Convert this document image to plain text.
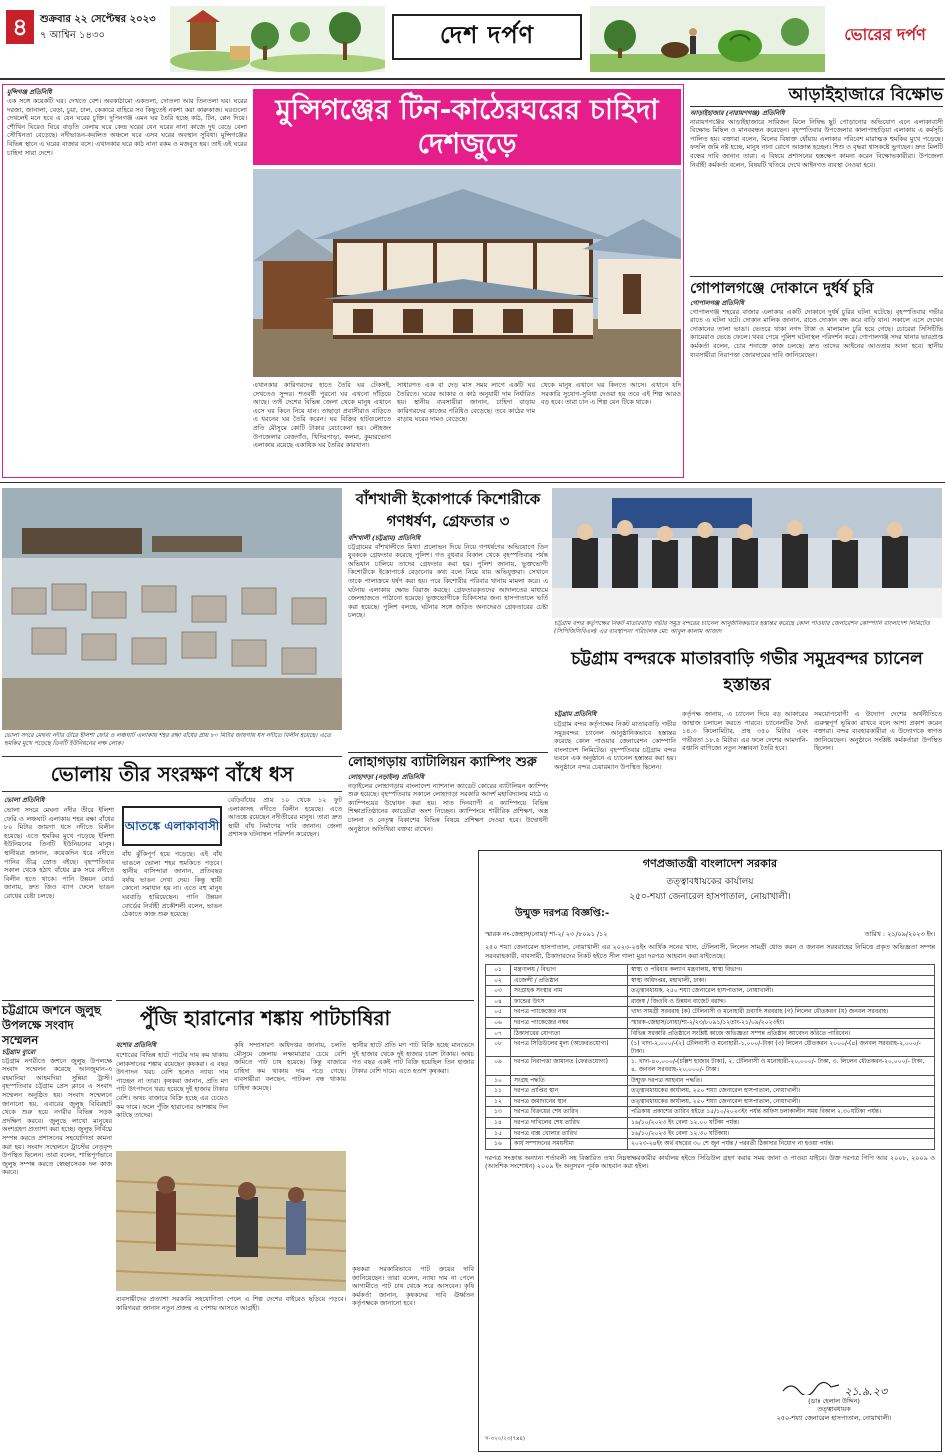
৪	শুক্রবার ২২ সেপ্টেম্বর ২০২৩
৭ আশ্বিন ১৪৩০	দেশ দর্পণ
	ভোরের দর্পণ
মুন্সিগঞ্জ প্রতিনিধি
এক সঙ্গে কয়েকটি ঘর। দেখতে বেশ। অবকাঠামো একতলা, দোতলা আর তিনতলা ঘর। ঘরের দরজা, জানালা, বেড়া, চুয়া, চাল, কেকারে বাহিরে সব কিছুতেই নকশা করা কারুকাজ। ঘরগুলো দেখলেই মনে হবে এ যেন ঘরের চুক্তি। দুপিনগঞ্জ এমন ঘর তৈরি হচ্ছে কাঠ, টিন, প্লেন দিয়ে। শৌখিন ঘিরেও ঘিরে বাড়তি বেলায় ঘরে কেন্দ্র ঘরের যেন ঘরের নানা কাজে দুধ বেড়ে বেলা সৌখিনতা বেড়েছে। নদীভাঙন-কবলিত অঞ্চলে ঘরে এসব ঘরের অবস্থান সুবিধা। মুন্সিগঞ্জের বিভিন্ন স্থানে এ ঘরের বাজার বসে। এখানকার ঘরে কাঠ নানা রকম ও মজবুত হয়। তাই এই ঘরের চাহিদা সারা দেশে।
মুন্সিগঞ্জের টিন-কাঠেরঘরের চাহিদা দেশজুড়ে
এখানকার কারিগরদের হাতে তৈরি ঘর টেকসই, দেখতেও সুন্দর। শতবর্ষী পুরনো ঘর এখনো দাঁড়িয়ে আছে। তাই দেশের বিভিন্ন জেলা থেকে মানুষ এখানে এসে ঘর কিনে নিয়ে যান। তাছাড়া প্রবাসীরাও বাড়িতে এ ধরনের ঘর তৈরি করেন। ঘর বিক্রির হাটগুলোতে প্রতি মৌসুমে কোটি টাকার বেচাকেনা হয়। লৌহজং উপজেলার বেজগাঁও, খিদিরপাড়া, কলমা, কুমারভোগ এলাকায় রয়েছে একাধিক ঘর তৈরির কারখানা।
সাধারণত এক বা দেড় মাস সময় লাগে একটি ঘর তৈরিতে। ঘরের আকার ও কাঠ অনুযায়ী দাম নির্ধারিত হয়। স্থানীয় ব্যবসায়ীরা জানান, চাহিদা বাড়ায় কারিগরদের কাজের পরিধিও বেড়েছে। তবে কাঠের দাম বাড়ায় ঘরের দামও বেড়েছে।
থেকে মানুষ এখানে ঘর কিনতে আসে। এখানে যদি সরকারি সুযোগ-সুবিধা দেওয়া হয় তবে এই শিল্প আরও বড় হবে। তারা চান এ শিল্প যেন টিকে থাকে।
আড়াইহাজারে বিক্ষোভ
আড়াইহাজার (নারায়ণগঞ্জ) প্রতিনিধি
নারায়ণগঞ্জের আড়াইহাজারে সারিজন মিলে নিষিদ্ধ ছুট পোড়ানোর অভিযোগ এনে এলাকাবাসী বিক্ষোভ মিছিল ও মানববন্ধন করেছেন। বৃহস্পতিবার উপজেলার কালাপাহাড়িয়া এলাকায় এ কর্মসূচি পালিত হয়। বক্তারা বলেন, মিলের বিষাক্ত ধোঁয়ায় এলাকার পরিবেশ মারাত্মক হুমকির মুখে পড়েছে। ফসলি জমি নষ্ট হচ্ছে, মানুষ নানা রোগে আক্রান্ত হচ্ছেন। শিশু ও বৃদ্ধরা শ্বাসকষ্টে ভুগছেন। দ্রুত মিলটি বন্ধের দাবি জানান তারা। এ বিষয়ে প্রশাসনের হস্তক্ষেপ কামনা করেন বিক্ষোভকারীরা। উপজেলা নির্বাহী কর্মকর্তা বলেন, বিষয়টি খতিয়ে দেখে আইনগত ব্যবস্থা নেওয়া হবে।
গোপালগঞ্জে দোকানে দুর্ধর্ষ চুরি
গোপালগঞ্জ প্রতিনিধি
গোপালগঞ্জ শহরের বাজার এলাকার একটি দোকানে দুর্ধর্ষ চুরির ঘটনা ঘটেছে। বৃহস্পতিবার গভীর রাতে এ ঘটনা ঘটে। দোকান মালিক জানান, রাতে দোকান বন্ধ করে বাড়ি যান। সকালে এসে দেখেন দোকানের তালা ভাঙা। ভেতরে থাকা নগদ টাকা ও মালামাল চুরি হয়ে গেছে। চোরেরা সিসিটিভি ক্যামেরাও ভেঙে ফেলে। খবর পেয়ে পুলিশ ঘটনাস্থল পরিদর্শন করে। গোপালগঞ্জ সদর থানার ভারপ্রাপ্ত কর্মকর্তা বলেন, চোর শনাক্তে কাজ চলছে। দ্রুত তাদের আইনের আওতায় আনা হবে। স্থানীয় ব্যবসায়ীরা নিরাপত্তা জোরদারের দাবি জানিয়েছেন।
ভোলা সদরে মেঘনা নদীর তীরে ইলিশা ফেরি ও লঞ্চঘাট এলাকায় শহর রক্ষা বাঁধের প্রায় ৮০ মিটার জায়গায় ধস নদীতে বিলীন হয়েছে। এতে হুমকির মুখে পড়েছে তিনটি ইউনিয়নের লক্ষ লোক।
বাঁশখালী ইকোপার্কে কিশোরীকে গণধর্ষণ, গ্রেফতার ৩
বাঁশখালী (চট্টগ্রাম) প্রতিনিধি
চট্টগ্রামের বাঁশখালীতে মিথ্যা প্রলোভন দিয়ে নিয়ে গণধর্ষণের অভিযোগে তিন যুবককে গ্রেফতার করেছে পুলিশ। গত বুধবার বিকাল থেকে বৃহস্পতিবার পর্যন্ত অভিযান চালিয়ে তাদের গ্রেফতার করা হয়। পুলিশ জানায়, ভুক্তভোগী কিশোরীকে ইকোপার্কে বেড়ানোর কথা বলে নিয়ে যায় অভিযুক্তরা। সেখানে তাকে পালাক্রমে ধর্ষণ করা হয়। পরে কিশোরীর পরিবার থানায় মামলা করে। এ ঘটনায় এলাকায় ক্ষোভ বিরাজ করছে। গ্রেফতারকৃতদের আদালতের মাধ্যমে জেলহাজতে পাঠানো হয়েছে। ভুক্তভোগীকে চিকিৎসার জন্য হাসপাতালে ভর্তি করা হয়েছে। পুলিশ বলছে, ঘটনার সঙ্গে জড়িত অন্যদেরও গ্রেফতারের চেষ্টা চলছে।
চট্টগ্রাম বন্দর কর্তৃপক্ষের নিকট মাতারবাড়ি গভীর সমুদ্র বন্দরের চ্যানেল আনুষ্ঠানিকভাবে হস্তান্তর করেছে কোল পাওয়ার জেনারেশন কোম্পানি বাংলাদেশ লিমিটেড (সিপিজিসিবিএল) এর ব্যবস্থাপনা পরিচালক মো: আবুল কালাম আজাদ
চট্টগ্রাম বন্দরকে মাতারবাড়ি গভীর সমুদ্রবন্দর চ্যানেল হস্তান্তর
ভোলায় তীর সংরক্ষণ বাঁধে ধস
ভোলা প্রতিনিধি
ভোলা সদরে মেঘনা নদীর তীরে ইলিশা ফেরি ও লঞ্চঘাট এলাকায় শহর রক্ষা বাঁধের ৮০ মিটার জায়গা ধসে নদীতে বিলীন হয়েছে। এতে হুমকির মুখে পড়েছে ইলিশা ইউনিয়নের তিনটি ইউনিয়নের মানুষ। স্থানীয়রা জানান, কয়েকদিন ধরে নদীতে পানির তীব্র স্রোত বইছে। বৃহস্পতিবার সকাল থেকে হঠাৎ বাঁধের ব্লক সরে নদীতে বিলীন হতে থাকে। পানি উন্নয়ন বোর্ড জানায়, দ্রুত জিও ব্যাগ ফেলে ভাঙন রোধের চেষ্টা চলছে।
আতঙ্কে এলাকাবাসী
বাঁধ ঝুঁকিপূর্ণ হয়ে পড়েছে। এই বাঁধ ভাঙলে ভোলা শহর হুমকিতে পড়বে। স্থানীয় বাসিন্দারা জানান, প্রতিবছর বর্ষায় ভাঙন দেখা দেয়। কিন্তু স্থায়ী কোনো সমাধান হয় না। এতে বহু মানুষ ঘরবাড়ি হারিয়েছেন। পানি উন্নয়ন বোর্ডের নির্বাহী প্রকৌশলী বলেন, ভাঙন ঠেকাতে কাজ শুরু হয়েছে।
বেড়িবাঁধের প্রায় ১০ থেকে ১২ ফুট এলাকাসহ নদীতে বিলীন হয়েছে। এতে আতঙ্কে রয়েছেন নদীতীরের মানুষ। তারা দ্রুত স্থায়ী বাঁধ নির্মাণের দাবি জানান। জেলা প্রশাসক ঘটনাস্থল পরিদর্শন করেছেন।
লোহাগড়ায় ব্যাটালিয়ন ক্যাম্পিং শুরু
লোহাগড়া (নড়াইল) প্রতিনিধি
নড়াইলের লোহাগড়ায় বাংলাদেশ ন্যাশনাল ক্যাডেট কোরের ব্যাটালিয়ন ক্যাম্পিং শুরু হয়েছে। বৃহস্পতিবার সকালে লোহাগড়া সরকারি আদর্শ মহাবিদ্যালয় মাঠে এ ক্যাম্পিংয়ের উদ্বোধন করা হয়। সাত দিনব্যাপী এ ক্যাম্পিংয়ে বিভিন্ন শিক্ষাপ্রতিষ্ঠানের ক্যাডেটরা অংশ নিচ্ছেন। ক্যাম্পিংয়ে শারীরিক প্রশিক্ষণ, অস্ত্র চালনা ও নেতৃত্ব বিকাশের বিভিন্ন বিষয়ে প্রশিক্ষণ দেওয়া হবে। উদ্বোধনী অনুষ্ঠানে অতিথিরা বক্তব্য রাখেন।
চট্টগ্রাম প্রতিনিধি
চট্টগ্রাম বন্দর কর্তৃপক্ষের নিকট মাতারবাড়ি গভীর সমুদ্রবন্দর চ্যানেল আনুষ্ঠানিকভাবে হস্তান্তর করেছে কোল পাওয়ার জেনারেশন কোম্পানি বাংলাদেশ লিমিটেড। বৃহস্পতিবার চট্টগ্রাম বন্দর ভবনে এক অনুষ্ঠানে এ চ্যানেল হস্তান্তর করা হয়। অনুষ্ঠানে বন্দর চেয়ারম্যান উপস্থিত ছিলেন।
কর্তৃপক্ষ জানায়, এ চ্যানেল দিয়ে বড় আকারের জাহাজ চলাচল করতে পারবে। চ্যানেলটির দৈর্ঘ্য ১৪.৩ কিলোমিটার, প্রস্থ ৩৫০ মিটার এবং গভীরতা ১৮.৫ মিটার। এর ফলে দেশের আমদানি-রপ্তানি বাণিজ্যে নতুন সম্ভাবনা তৈরি হবে।
সময়োপযোগী এ উদ্যোগ দেশের অর্থনীতিতে গুরুত্বপূর্ণ ভূমিকা রাখবে বলে আশা প্রকাশ করেন বক্তারা। বন্দর ব্যবহারকারীরা এ উদ্যোগকে স্বাগত জানিয়েছেন। অনুষ্ঠানে সংশ্লিষ্ট কর্মকর্তারা উপস্থিত ছিলেন।
গণপ্রজাতন্ত্রী বাংলাদেশ সরকার
তত্ত্বাবধায়কের কার্যালয়
২৫০-শয্যা জেনারেল হাসপাতাল, নোয়াখালী।
উন্মুক্ত দরপত্র বিজ্ঞপ্তি:-
স্মারক নং-জেহাস/নোয়া/ শা-২/ ২৩ /৮০৯১ /১২	তারিখ : ২১/০৯/২০২৩ ইং।
২৫০ শয্যা জেনারেল হাসপাতাল, নোয়াখালী এর ২০২৩-২৪ইং আর্থিক সনের খাদ্য, টেলিনাসী, লিলেন সামগ্রী ধোত করন ও জনবল সরবরাহের নিমিত্তে প্রকৃত অভিজ্ঞতা সম্পন্ন সরবরাহকারী, বাবসায়ী, ঠিকাদারদের নিকট হইতে সীল গালা মুদ্রা দরপত্র আহবান করা যাইতেছে।
০১	মন্ত্রণালয় / বিভাগ	স্বাস্থ্য ও পরিবার কল্যাণ মন্ত্রণালয়, স্বাস্থ্য বিভাগ।
০২	এজেন্সী / প্রতিষ্ঠান	স্বাস্থ্য অধিদপ্তর, মহাখালী, ঢাকা।
০৩	সংগ্রাহক সংস্থার নাম	তত্ত্বাবধায়ক, ২৫০ শয্যা জেনারেল হাসপাতাল, নোয়াখালী।
০৪	ফান্ডের উৎস	রাজস্ব / জিওবি ও উন্নয়ন বাজেট বরাদ্দ।
০৫	দরপত্র প্যাকেজের নাম	খাদ্য সামগ্রী সরবরাহ (ক) টেলিনাসী ও মনোহারী দ্রব্যাদি সরবরাহ (গ) লিলেন ধৌতকরণ (ঘ) জনবল সরবরাহ।
০৬	দরপত্র প্যাকেজের নম্বর	স্মারক-জেহাস/নোয়া/শা-২/২৩/৮০৯১/১২তাং-২১/০৯/২০২৩ইং।
০৭	ঠিকাদারের যোগ্যতা	বিভিন্ন সরকারি প্রতিষ্ঠানে সংশ্লিষ্ট কাজে অভিজ্ঞতা সম্পন্ন প্রতিষ্ঠান আবেদন করিতে পারিবেন।
০৮	দরপত্র সিডিউলের মূল্য (অফেরতযোগ্য)	(১) খাদ্য-২,০০০/-(২) টেলিনাসী ও মনোহারী-১,০০০/-টাকা (৩) লিলেন ধৌতকরন ২০০০/-(৪) জনবল সরবরাহ-২,০০০/- টাকা।
০৯	দরপত্র নিরাপত্তা জামানত (ফেরতযোগ্য)	১. খাদ্য-৪০,০০০/-(চল্লিশ হাজার টাকা), ২. টেলিনাসী ও মনোহারী-২০,০০০/- টাকা, ৩. লিলেন ধৌতকরন-২০,০০০/- টাকা, ৪. জনবল সরবরাহ-২০,০০০/- টাকা।
১০	সংগ্রহ পদ্ধতি	উন্মুক্ত দরপত্র আহবান পদ্ধতি।
১১	দরপত্র প্রাপ্তির স্থান	তত্ত্বাবধায়কের কার্যালয়, ২৫০ শয্যা জেনারেল হাসপাতাল, নোয়াখালী।
১২	দরপত্র জমাদানের স্থান	তত্ত্বাবধায়কের কার্যালয়, ২৫০ শয্যা জেনারেল হাসপাতাল, নোয়াখালী।
১৩	দরপত্র বিক্রয়ের শেষ তারিখ	পত্রিকায় প্রকাশের তারিখ হইতে ১৫/১০/২০২৩ইং পর্যন্ত অফিস চলাকালীন সময় বিকাল ২.৩০ঘটিকা পর্যন্ত।
১৪	দরপত্র দাখিলের শেষ তারিখ	১৬/১০/২০২৩ ইং বেলা ১২.০০ ঘটিকা পর্যন্ত।
১৫	দরপত্র বাক্স খোলার তারিখ	১৬/১০/২০২৩ ইং বেলা ১২.৩০ ঘটিকায়।
১৬	কার্য সম্পাদনের সময়সীমা	২০২৩-২৪ইং অর্থ বছরের ৩০ শে জুন পর্যন্ত / পরবর্তী ঠিকাদার নিয়োগ না হওয়া পর্যন্ত।
দরপত্র সংক্রান্ত অন্যান্য শর্তাবলী সহ বিস্তারিত তথ্য নিম্নস্বাক্ষরকারীর কার্যালয় হইতে সিডিউল গ্রহণ করার সময় জানা ও পাওয়া যাইবে। উক্ত দরপত্র পিপি আর ২০০৮, ২০০৯ ও (আংশিক সংশোধন) ২০০৯ ইং অনুসরন পূর্বক আহবান করা হইল।
২১.৯.২৩
(ডাঃ হেলাল উদ্দিন)
তত্ত্বাবধায়ক
২৫০-শয্যা জেনারেল হাসপাতাল, নোয়াখালী।
স-৩২০/২৩(৭x৪)
চট্টগ্রামে জশনে জুলুছ উপলক্ষে সংবাদ সম্মেলন
চট্টগ্রাম ব্যুরো
চট্টগ্রাম নগরীতে জশনে জুলুছ উপলক্ষে সংবাদ সম্মেলন করেছে আনজুমান-এ রহমানিয়া আহমদিয়া সুন্নিয়া ট্রাস্ট। বৃহস্পতিবার চট্টগ্রাম প্রেস ক্লাবে এ সংবাদ সম্মেলন অনুষ্ঠিত হয়। সংবাদ সম্মেলনে জানানো হয়, এবারের জুলুছ বিবিরহাট থেকে শুরু হয়ে নগরীর বিভিন্ন সড়ক প্রদক্ষিণ করবে। জুলুছে লাখো মানুষের অংশগ্রহণ প্রত্যাশা করা হচ্ছে। জুলুছ নির্বিঘ্নে সম্পন্ন করতে প্রশাসনের সহযোগিতা কামনা করা হয়। সংবাদ সম্মেলনে ট্রাস্টের নেতৃবৃন্দ উপস্থিত ছিলেন। তারা বলেন, শান্তিপূর্ণভাবে জুলুছ সম্পন্ন করতে স্বেচ্ছাসেবক দল কাজ করবে।
পুঁজি হারানোর শঙ্কায় পাটচাষিরা
যশোর প্রতিনিধি
যশোরের বিভিন্ন হাটে পাটের দাম কম থাকায় লোকসানের শঙ্কায় রয়েছেন কৃষকরা। এ বছর উৎপাদন খরচ বেশি হলেও ন্যায্য দাম পাচ্ছেন না তারা। কৃষকরা জানান, প্রতি মণ পাট উৎপাদনে খরচ হয়েছে দুই হাজার টাকার বেশি। অথচ বাজারে বিক্রি হচ্ছে এর চেয়েও কম দামে। ফলে পুঁজি হারানোর আশঙ্কায় দিন কাটছে তাদের।
কৃষি সম্প্রসারণ অধিদপ্তর জানায়, চলতি মৌসুমে জেলায় লক্ষ্যমাত্রার চেয়ে বেশি জমিতে পাট চাষ হয়েছে। কিন্তু বাজারে চাহিদা কম থাকায় দাম পড়ে গেছে। ব্যবসায়ীরা বলছেন, পাটকল বন্ধ থাকায় চাহিদা কমেছে।
স্থানীয় হাটে প্রতি মণ পাট বিক্রি হচ্ছে মানভেদে দুই হাজার থেকে দুই হাজার চারশ টাকায়। অথচ গত বছর একই পাট বিক্রি হয়েছিল তিন হাজার টাকার বেশি দামে। এতে হতাশ কৃষকরা।
কৃষকরা সরকারিভাবে পাট ক্রয়ের দাবি জানিয়েছেন। তারা বলেন, ন্যায্য দাম না পেলে আগামীতে পাট চাষ থেকে সরে আসবেন। কৃষি কর্মকর্তা জানান, কৃষকদের দাবি ঊর্ধ্বতন কর্তৃপক্ষকে জানানো হবে।
ব্যবসায়ীদের প্রত্যাশা সরকারি সহযোগিতা পেলে এ শিল্প দেশের বাইরেও ছড়িয়ে পড়বে। কারিগররা জানান নতুন প্রজন্ম এ পেশায় আসতে আগ্রহী।
